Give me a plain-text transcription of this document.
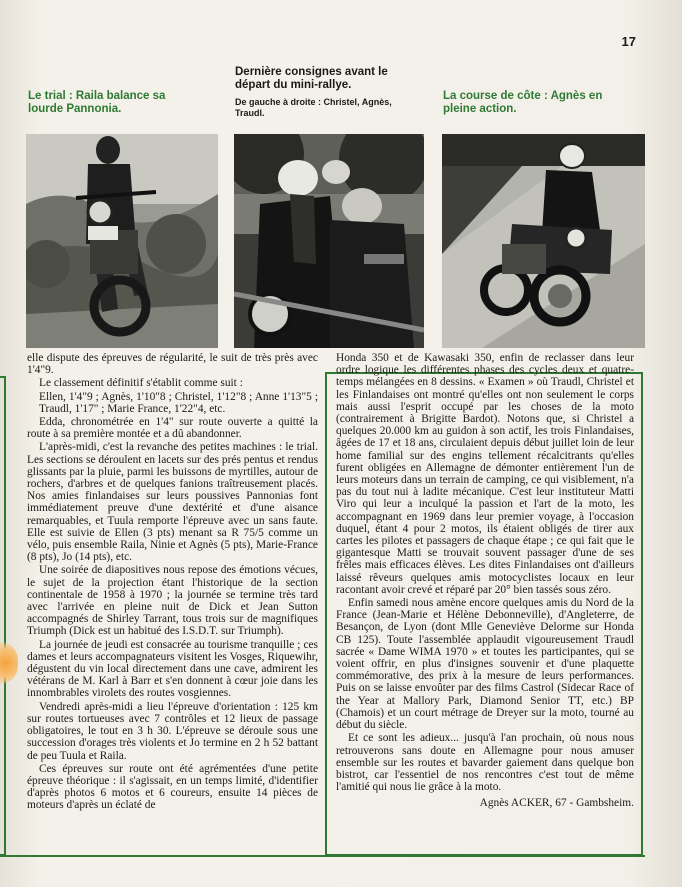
17
Le trial : Raila balance sa lourde Pannonia.
Dernière consignes avant le départ du mini-rallye.
De gauche à droite : Christel, Agnès, Traudl.
La course de côte : Agnès en pleine action.

elle dispute des épreuves de régularité, le suit de très près avec 1'4"9.

Le classement définitif s'établit comme suit :

Ellen, 1'4"9 ; Agnès, 1'10"8 ; Christel, 1'12"8 ; Anne 1'13"5 ; Traudl, 1'17" ; Marie France, 1'22"4, etc.

Edda, chronométrée en 1'4" sur route ouverte a quitté la route à sa première montée et a dû abandonner.

L'après-midi, c'est la revanche des petites machines : le trial. Les sections se déroulent en lacets sur des prés pentus et rendus glissants par la pluie, parmi les buissons de myrtilles, autour de rochers, d'arbres et de quelques fanions traîtreusement placés. Nos amies finlandaises sur leurs poussives Pannonias font immédiatement preuve d'une dextérité et d'une aisance remarquables, et Tuula remporte l'épreuve avec un sans faute. Elle est suivie de Ellen (3 pts) menant sa R 75/5 comme un vélo, puis ensemble Raila, Ninie et Agnès (5 pts), Marie-France (8 pts), Jo (14 pts), etc.

Une soirée de diapositives nous repose des émotions vécues, le sujet de la projection étant l'historique de la section continentale de 1958 à 1970 ; la journée se termine très tard avec l'arrivée en pleine nuit de Dick et Jean Sutton accompagnés de Shirley Tarrant, tous trois sur de magnifiques Triumph (Dick est un habitué des I.S.D.T. sur Triumph).

La journée de jeudi est consacrée au tourisme tranquille ; ces dames et leurs accompagnateurs visitent les Vosges, Riquewihr, dégustent du vin local directement dans une cave, admirent les vétérans de M. Karl à Barr et s'en donnent à cœur joie dans les innombrables virolets des routes vosgiennes.

Vendredi après-midi a lieu l'épreuve d'orientation : 125 km sur routes tortueuses avec 7 contrôles et 12 lieux de passage obligatoires, le tout en 3 h 30. L'épreuve se déroule sous une succession d'orages très violents et Jo termine en 2 h 52 battant de peu Tuula et Raila.

Ces épreuves sur route ont été agrémentées d'une petite épreuve théorique : il s'agissait, en un temps limité, d'identifier d'après photos 6 motos et 6 coureurs, ensuite 14 pièces de moteurs d'après un éclaté de

Honda 350 et de Kawasaki 350, enfin de reclasser dans leur ordre logique les différentes phases des cycles deux et quatre-temps mélangées en 8 dessins. « Examen » où Traudl, Christel et les Finlandaises ont montré qu'elles ont non seulement le corps mais aussi l'esprit occupé par les choses de la moto (contrairement à Brigitte Bardot). Notons que, si Christel a quelques 20.000 km au guidon à son actif, les trois Finlandaises, âgées de 17 et 18 ans, circulaient depuis début juillet loin de leur home familial sur des engins tellement récalcitrants qu'elles furent obligées en Allemagne de démonter entièrement l'un de leurs moteurs dans un terrain de camping, ce qui visiblement, n'a pas du tout nui à ladite mécanique. C'est leur instituteur Matti Viro qui leur a inculqué la passion et l'art de la moto, les accompagnant en 1969 dans leur premier voyage, à l'occasion duquel, étant 4 pour 2 motos, ils étaient obligés de tirer aux cartes les pilotes et passagers de chaque étape ; ce qui fait que le gigantesque Matti se trouvait souvent passager d'une de ses frêles mais efficaces élèves. Les dites Finlandaises ont d'ailleurs laissé rêveurs quelques amis motocyclistes locaux en leur racontant avoir crevé et réparé par 20° bien tassés sous zéro.

Enfin samedi nous amène encore quelques amis du Nord de la France (Jean-Marie et Hélène Debonneville), d'Angleterre, de Besançon, de Lyon (dont Mlle Geneviève Delorme sur Honda CB 125). Toute l'assemblée applaudit vigoureusement Traudl sacrée « Dame WIMA 1970 » et toutes les participantes, qui se voient offrir, en plus d'insignes souvenir et d'une plaquette commémorative, des prix à la mesure de leurs performances. Puis on se laisse envoûter par des films Castrol (Sidecar Race of the Year at Mallory Park, Diamond Senior TT, etc.) BP (Chamois) et un court métrage de Dreyer sur la moto, tourné au début du siècle.

Et ce sont les adieux... jusqu'à l'an prochain, où nous nous retrouverons sans doute en Allemagne pour nous amuser ensemble sur les routes et bavarder gaiement dans quelque bon bistrot, car l'essentiel de nos rencontres c'est tout de même l'amitié qui nous lie grâce à la moto.

Agnès ACKER, 67 - Gambsheim.
